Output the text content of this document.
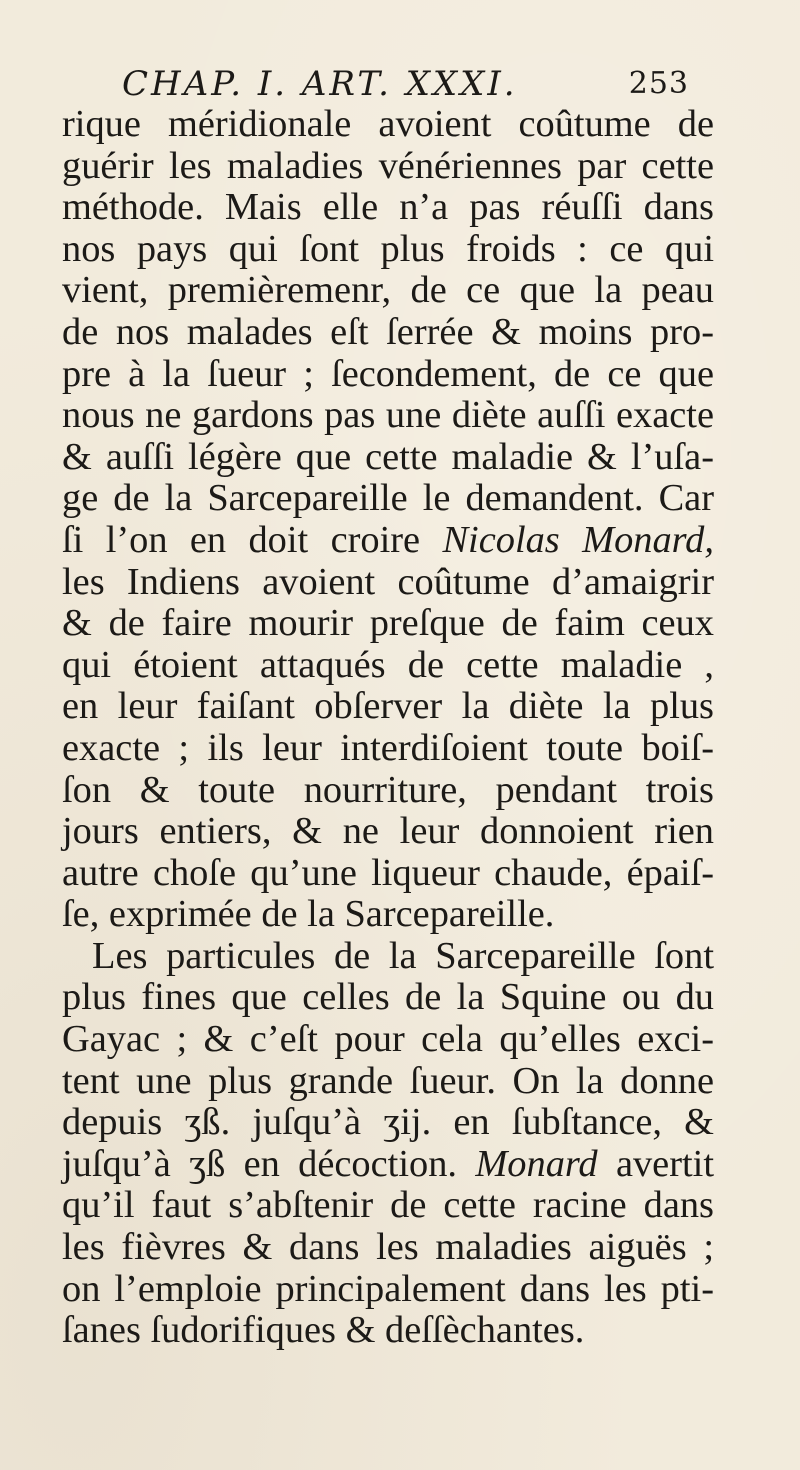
CHAP. I. ART. XXXI.	253
rique méridionale avoient coûtume de
guérir les maladies vénériennes par cette
méthode. Mais elle n’a pas réuſſi dans
nos pays qui ſont plus froids : ce qui
vient, premièremenr, de ce que la peau
de nos malades eſt ſerrée & moins pro-
pre à la ſueur ; ſecondement, de ce que
nous ne gardons pas une diète auſſi exacte
& auſſi légère que cette maladie & l’uſa-
ge de la Sarcepareille le demandent. Car
ſi l’on en doit croire Nicolas Monard,
les Indiens avoient coûtume d’amaigrir
& de faire mourir preſque de faim ceux
qui étoient attaqués de cette maladie ,
en leur faiſant obſerver la diète la plus
exacte ; ils leur interdiſoient toute boiſ-
ſon & toute nourriture, pendant trois
jours entiers, & ne leur donnoient rien
autre choſe qu’une liqueur chaude, épaiſ-
ſe, exprimée de la Sarcepareille.
Les particules de la Sarcepareille ſont
plus fines que celles de la Squine ou du
Gayac ; & c’eſt pour cela qu’elles exci-
tent une plus grande ſueur. On la donne
depuis ʒß. juſqu’à ʒij. en ſubſtance, &
juſqu’à ʒß en décoction. Monard avertit
qu’il faut s’abſtenir de cette racine dans
les fièvres & dans les maladies aiguës ;
on l’emploie principalement dans les pti-
ſanes ſudorifiques & deſſèchantes.
